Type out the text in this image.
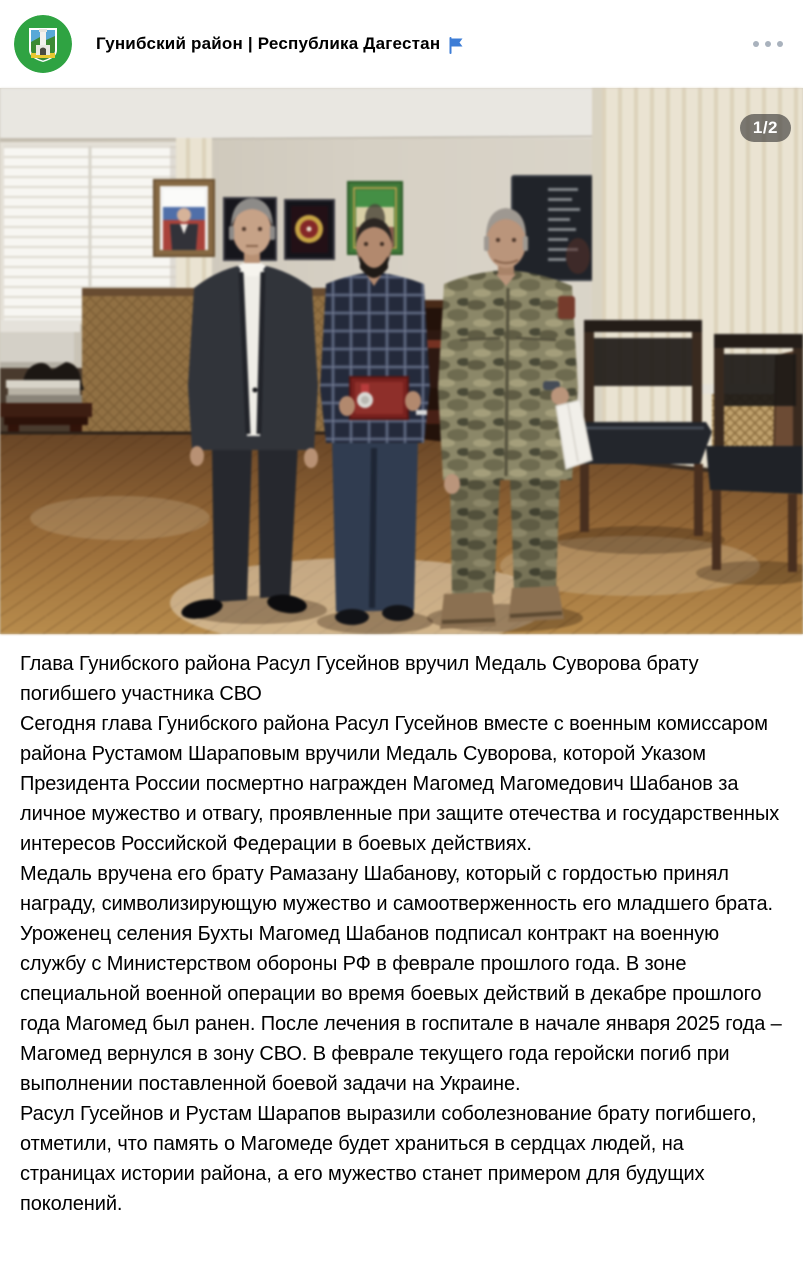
Гунибский район | Республика Дагестан
1/2

Глава Гунибского района Расул Гусейнов вручил Медаль Суворова брату погибшего участника СВО

Сегодня глава Гунибского района Расул Гусейнов вместе с военным комиссаром района Рустамом Шараповым вручили Медаль Суворова, которой Указом Президента России посмертно награжден Магомед Магомедович Шабанов за личное мужество и отвагу, проявленные при защите отечества и государственных интересов Российской Федерации в боевых действиях.

Медаль вручена его брату Рамазану Шабанову, который с гордостью принял награду, символизирующую мужество и самоотверженность его младшего брата.

Уроженец селения Бухты Магомед Шабанов подписал контракт на военную службу с Министерством обороны РФ в феврале прошлого года. В зоне специальной военной операции во время боевых действий в декабре прошлого года Магомед был ранен. После лечения в госпитале в начале января 2025 года – Магомед вернулся в зону СВО. В феврале текущего года геройски погиб при выполнении поставленной боевой задачи на Украине.

Расул Гусейнов и Рустам Шарапов выразили соболезнование брату погибшего, отметили, что память о Магомеде будет храниться в сердцах людей, на страницах истории района, а его мужество станет примером для будущих поколений.
